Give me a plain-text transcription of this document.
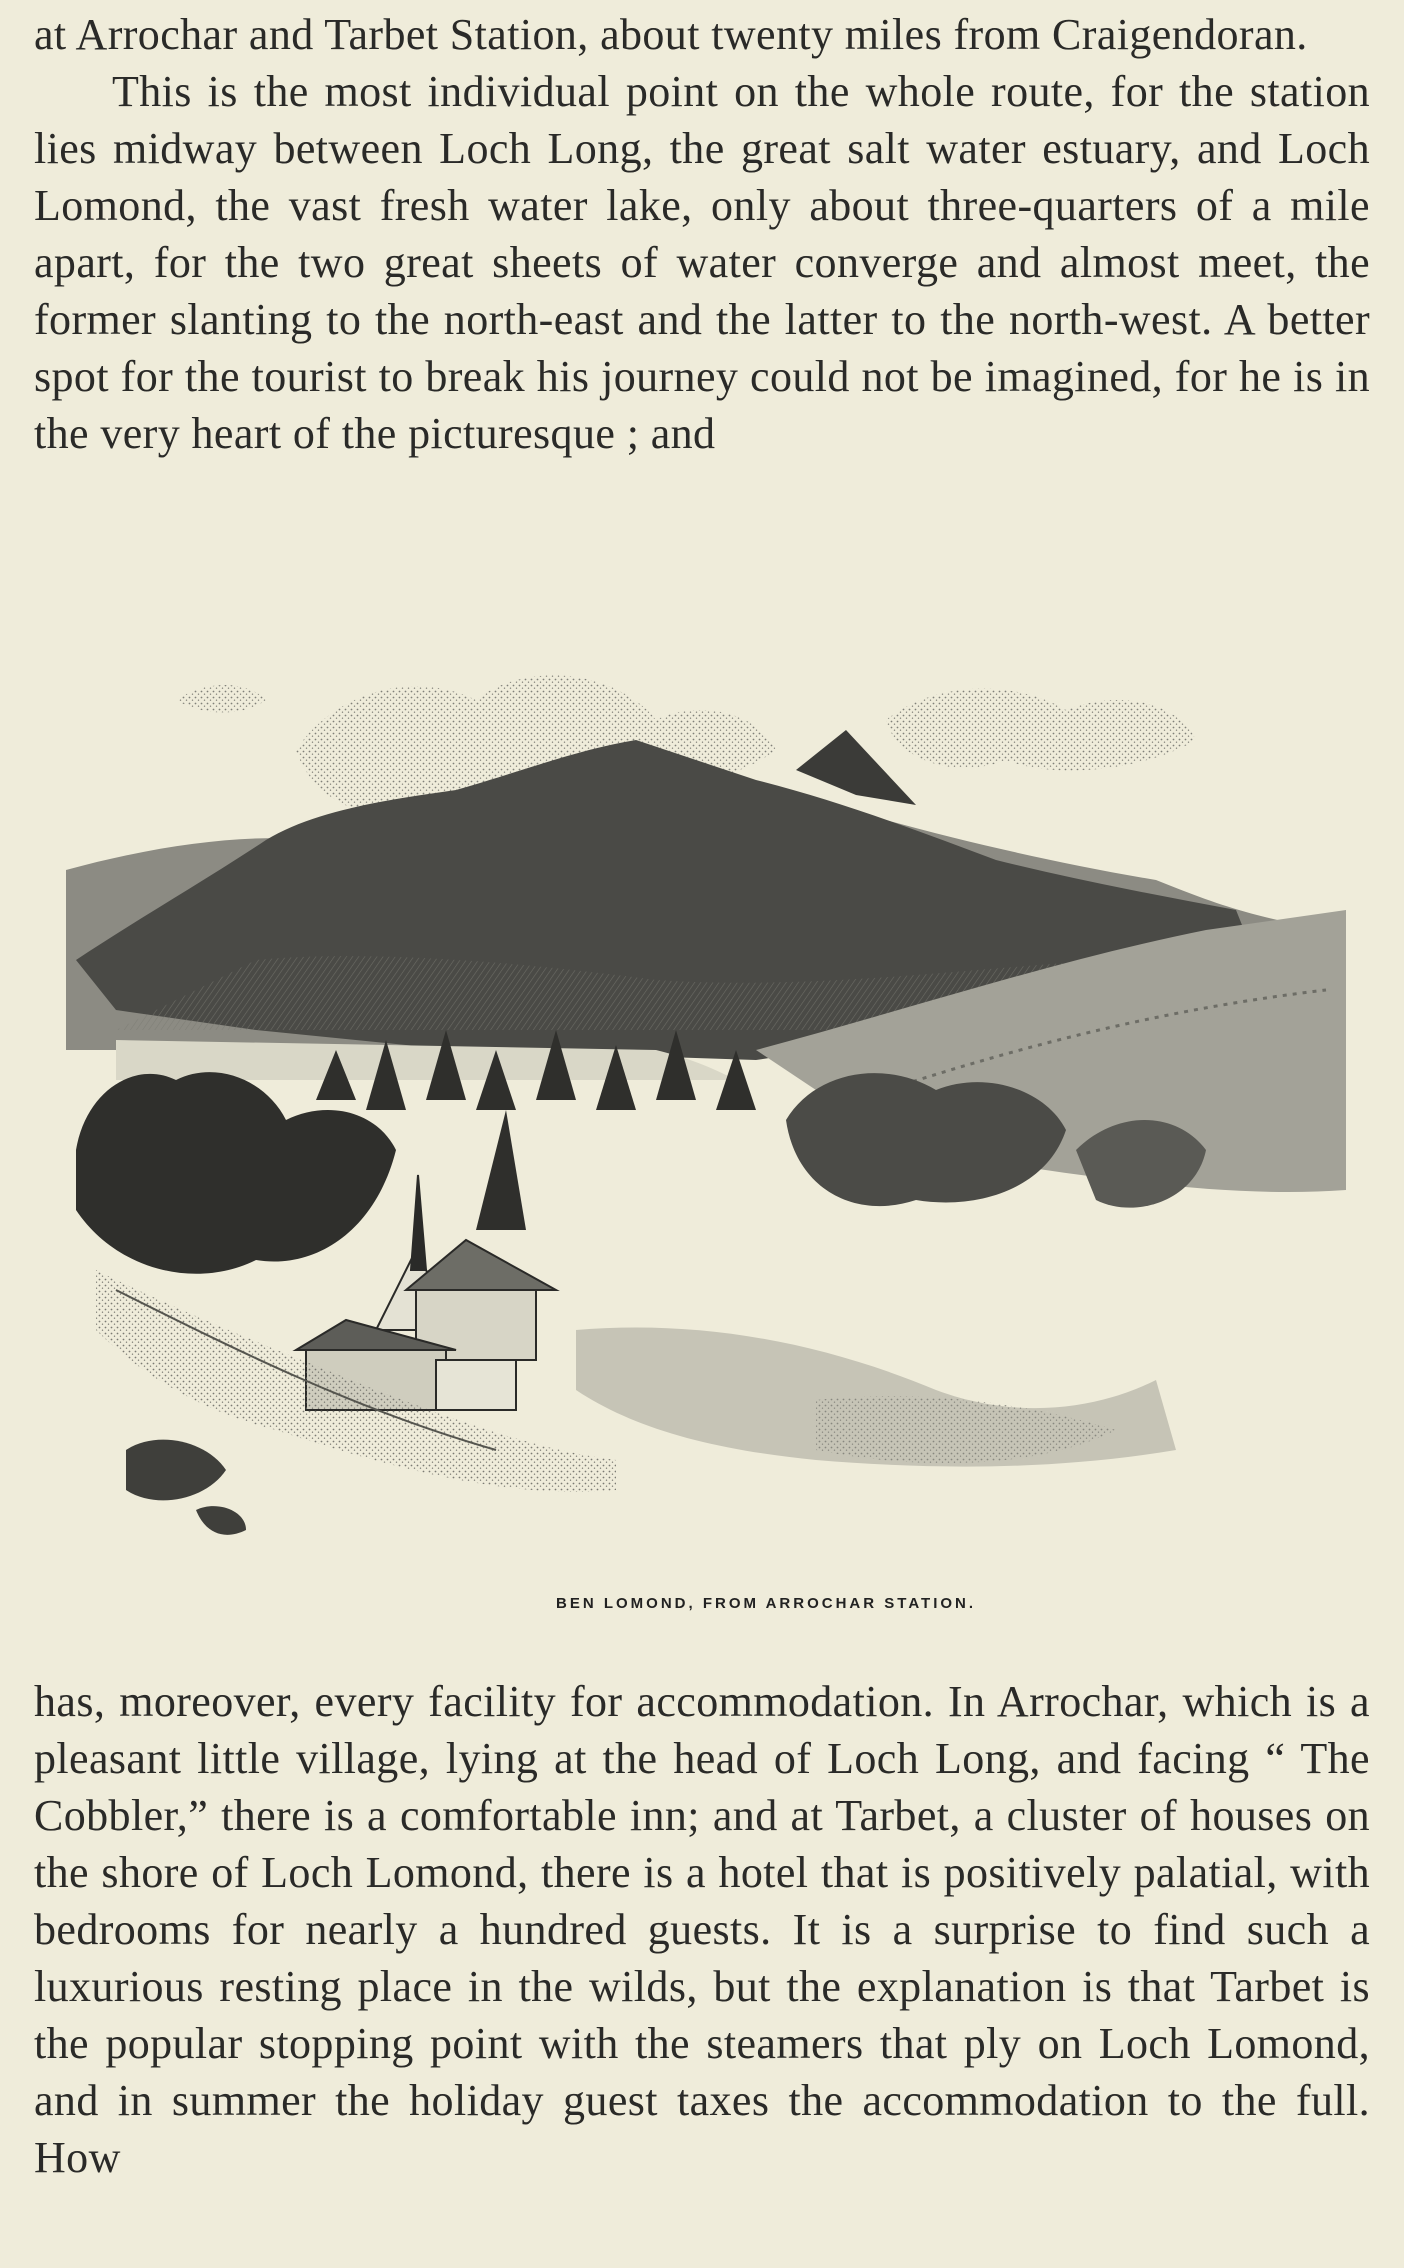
at Arrochar and Tarbet Station, about twenty miles from Craigendoran.

This is the most individual point on the whole route, for the station lies midway between Loch Long, the great salt water estuary, and Loch Lomond, the vast fresh water lake, only about three-quarters of a mile apart, for the two great sheets of water converge and almost meet, the former slanting to the north-east and the latter to the north-west. A better spot for the tourist to break his journey could not be imagined, for he is in the very heart of the picturesque ; and

BEN LOMOND, FROM ARROCHAR STATION.

has, moreover, every facility for accommodation. In Arrochar, which is a pleasant little village, lying at the head of Loch Long, and facing “ The Cobbler,” there is a comfortable inn; and at Tarbet, a cluster of houses on the shore of Loch Lomond, there is a hotel that is positively palatial, with bedrooms for nearly a hundred guests. It is a surprise to find such a luxurious resting place in the wilds, but the explanation is that Tarbet is the popular stopping point with the steamers that ply on Loch Lomond, and in summer the holiday guest taxes the accommodation to the full. How
